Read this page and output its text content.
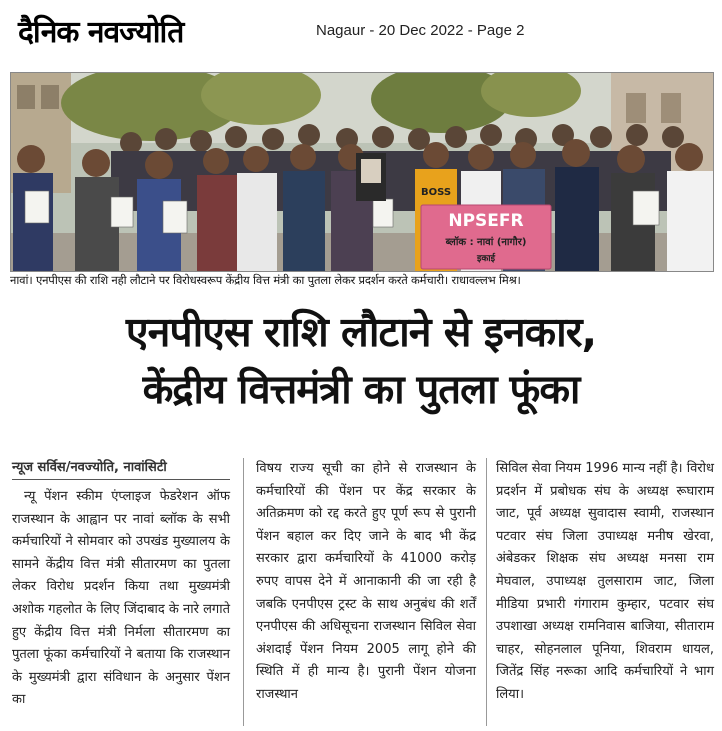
दैनिक नवज्योति	Nagaur - 20 Dec 2022 - Page 2
BOSS
NPSEFR
ब्लॉक : नावां (नागौर)
इकाई
नावां। एनपीएस की राशि नही लौटाने पर विरोधस्वरूप केंद्रीय वित्त मंत्री का पुतला लेकर प्रदर्शन करते कर्मचारी। राधावल्लभ मिश्र।
एनपीएस राशि लौटाने से इनकार,
केंद्रीय वित्तमंत्री का पुतला फूंका
न्यूज सर्विस/नवज्योति, नावांसिटी

न्यू पेंशन स्कीम एंप्लाइज फेडरेशन ऑफ राजस्थान के आह्वान पर नावां ब्लॉक के सभी कर्मचारियों ने सोमवार को उपखंड मुख्यालय के सामने केंद्रीय वित्त मंत्री सीतारमण का पुतला लेकर विरोध प्रदर्शन किया तथा मुख्यमंत्री अशोक गहलोत के लिए जिंदाबाद के नारे लगाते हुए केंद्रीय वित्त मंत्री निर्मला सीतारमण का पुतला फूंका कर्मचारियों ने बताया कि राजस्थान के मुख्यमंत्री द्वारा संविधान के अनुसार पेंशन का

विषय राज्य सूची का होने से राजस्थान के कर्मचारियों की पेंशन पर केंद्र सरकार के अतिक्रमण को रद्द करते हुए पूर्ण रूप से पुरानी पेंशन बहाल कर दिए जाने के बाद भी केंद्र सरकार द्वारा कर्मचारियों के 41000 करोड़ रुपए वापस देने में आनाकानी की जा रही है जबकि एनपीएस ट्रस्ट के साथ अनुबंध की शर्तें एनपीएस की अधिसूचना राजस्थान सिविल सेवा अंशदाई पेंशन नियम 2005 लागू होने की स्थिति में ही मान्य है। पुरानी पेंशन योजना राजस्थान

सिविल सेवा नियम 1996 मान्य नहीं है। विरोध प्रदर्शन में प्रबोधक संघ के अध्यक्ष रूघाराम जाट, पूर्व अध्यक्ष सुवादास स्वामी, राजस्थान पटवार संघ जिला उपाध्यक्ष मनीष खेरवा, अंबेडकर शिक्षक संघ अध्यक्ष मनसा राम मेघवाल, उपाध्यक्ष तुलसाराम जाट, जिला मीडिया प्रभारी गंगाराम कुम्हार, पटवार संघ उपशाखा अध्यक्ष रामनिवास बाजिया, सीताराम चाहर, सोहनलाल पूनिया, शिवराम धायल, जितेंद्र सिंह नरूका आदि कर्मचारियों ने भाग लिया।
